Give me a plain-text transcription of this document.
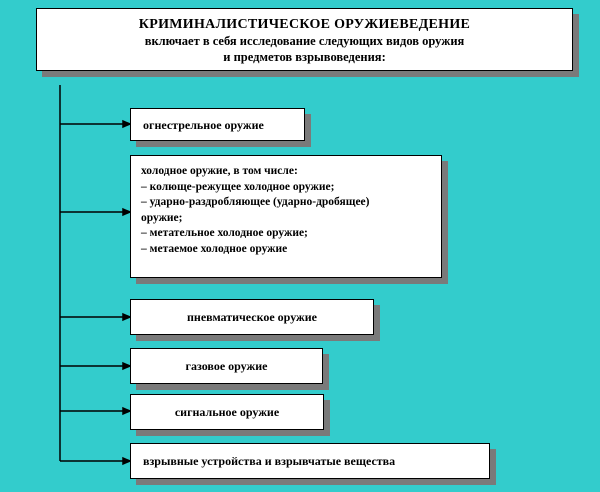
КРИМИНАЛИСТИЧЕСКОЕ ОРУЖИЕВЕДЕНИЕ
включает в себя исследование следующих видов оружия
и предметов взрывоведения:
огнестрельное оружие
холодное оружие, в том числе:
– колюще-режущее холодное оружие;
– ударно-раздробляющее (ударно-дробящее)
оружие;
– метательное холодное оружие;
– метаемое холодное оружие
пневматическое оружие
газовое оружие
сигнальное оружие
взрывные устройства и взрывчатые вещества
